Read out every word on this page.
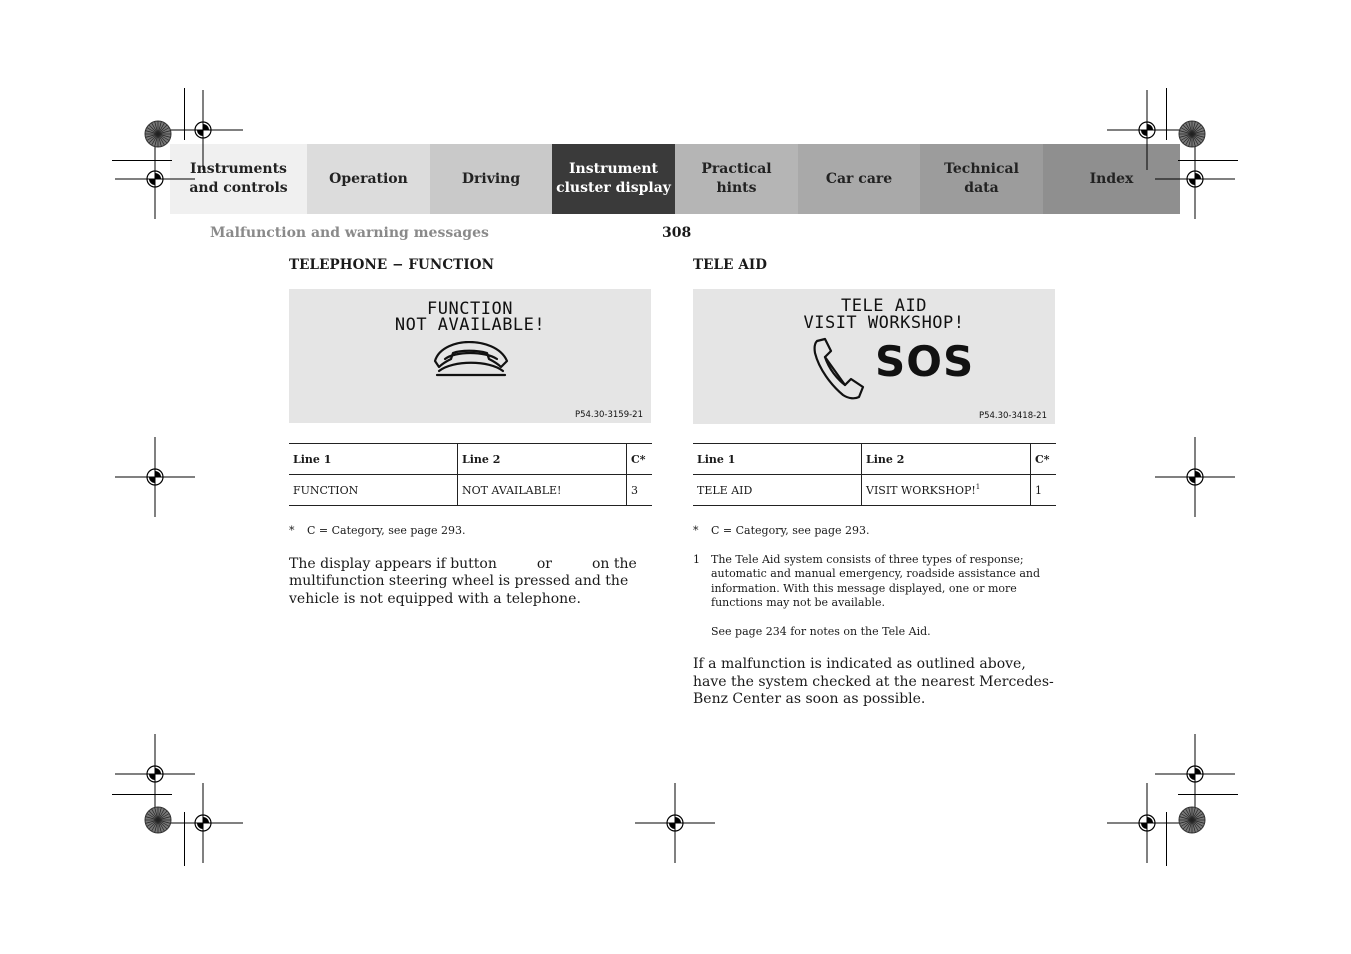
Instruments
and controls
Operation	Driving
Instrument
cluster display
Practical hints
Car care
Technical
data
Index
Malfunction and warning messages	308
TELEPHONE − FUNCTION
FUNCTION
NOT AVAILABLE!
P54.30-3159-21
Line 1	Line 2	C*
FUNCTION	NOT AVAILABLE!	3

* C = Category, see page 293.

The display appears if button	or	on the multifunction steering wheel is pressed and the vehicle is not equipped with a telephone.

TELE AID
TELE AID
VISIT WORKSHOP!
SOS
P54.30-3418-21
Line 1	Line 2	C*
TELE AID	VISIT WORKSHOP!$^1$	1

* C = Category, see page 293.

1 The Tele Aid system consists of three types of response; automatic and manual emergency, roadside assistance and information. With this message displayed, one or more functions may not be available.

See page 234 for notes on the Tele Aid.

If a malfunction is indicated as outlined above, have the system checked at the nearest Mercedes-Benz Center as soon as possible.
